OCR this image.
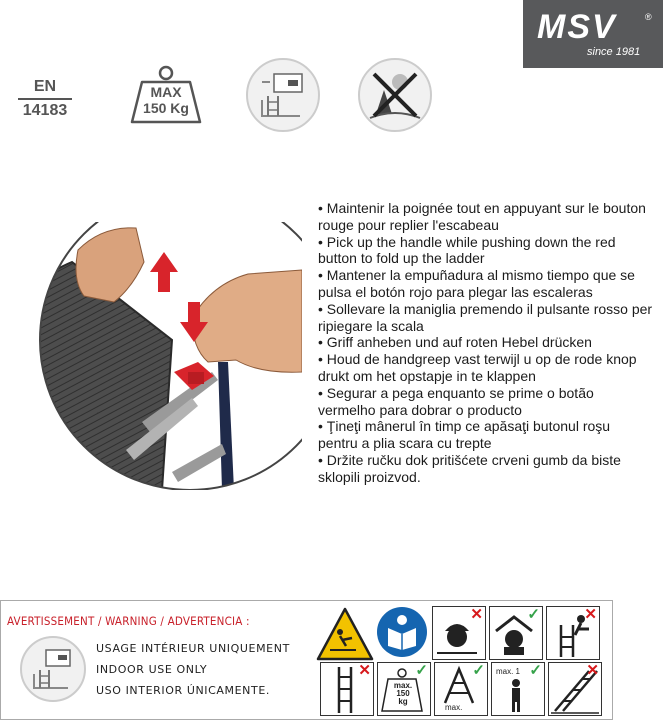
MSV	®
since 1981
EN
14183
MAX
150 Kg
• Maintenir la poignée tout en appuyant sur le bouton rouge pour replier l'escabeau
• Pick up the handle while pushing down the red button to fold up the ladder
• Mantener la empuñadura al mismo tiempo que se pulsa el botón rojo para plegar las escaleras
• Sollevare la maniglia premendo il pulsante rosso per ripiegare la scala
• Griff anheben und auf roten Hebel drücken
• Houd de handgreep vast terwijl u op de rode knop drukt om het opstapje in te klappen
• Segurar a pega enquanto se prime o botão vermelho para dobrar o producto
• Ţineţi mânerul în timp ce apăsaţi butonul roşu pentru a plia scara cu trepte
• Držite ručku dok pritišćete crveni gumb da biste sklopili proizvod.
AVERTISSEMENT / WARNING / ADVERTENCIA :
USAGE INTÉRIEUR UNIQUEMENT
INDOOR USE ONLY
USO INTERIOR ÚNICAMENTE.
✕	✓	✕
✕
max.
150
kg
✓
max.
✓ max. 1 ✓	✕
